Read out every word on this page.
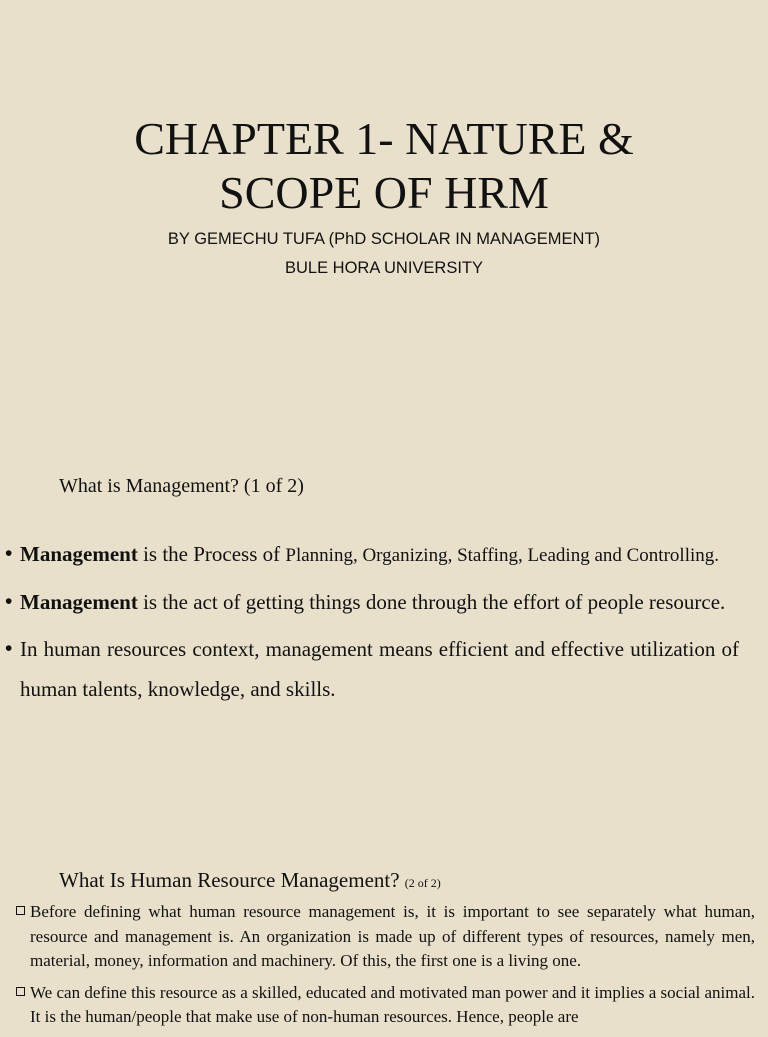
CHAPTER 1- NATURE &
SCOPE OF HRM

BY GEMECHU TUFA (PhD SCHOLAR IN MANAGEMENT)

BULE HORA UNIVERSITY

What is Management? (1 of 2)
• Management is the Process of Planning, Organizing, Staffing, Leading and Controlling.
• Management is the act of getting things done through the effort of people resource.
• In human resources context, management means efficient and effective utilization of human talents, knowledge, and skills.
What Is Human Resource Management? (2 of 2)
Before defining what human resource management is, it is important to see separately what human, resource and management is. An organization is made up of different types of resources, namely men, material, money, information and machinery. Of this, the first one is a living one.
We can define this resource as a skilled, educated and motivated man power and it implies a social animal. It is the human/people that make use of non-human resources. Hence, people are
